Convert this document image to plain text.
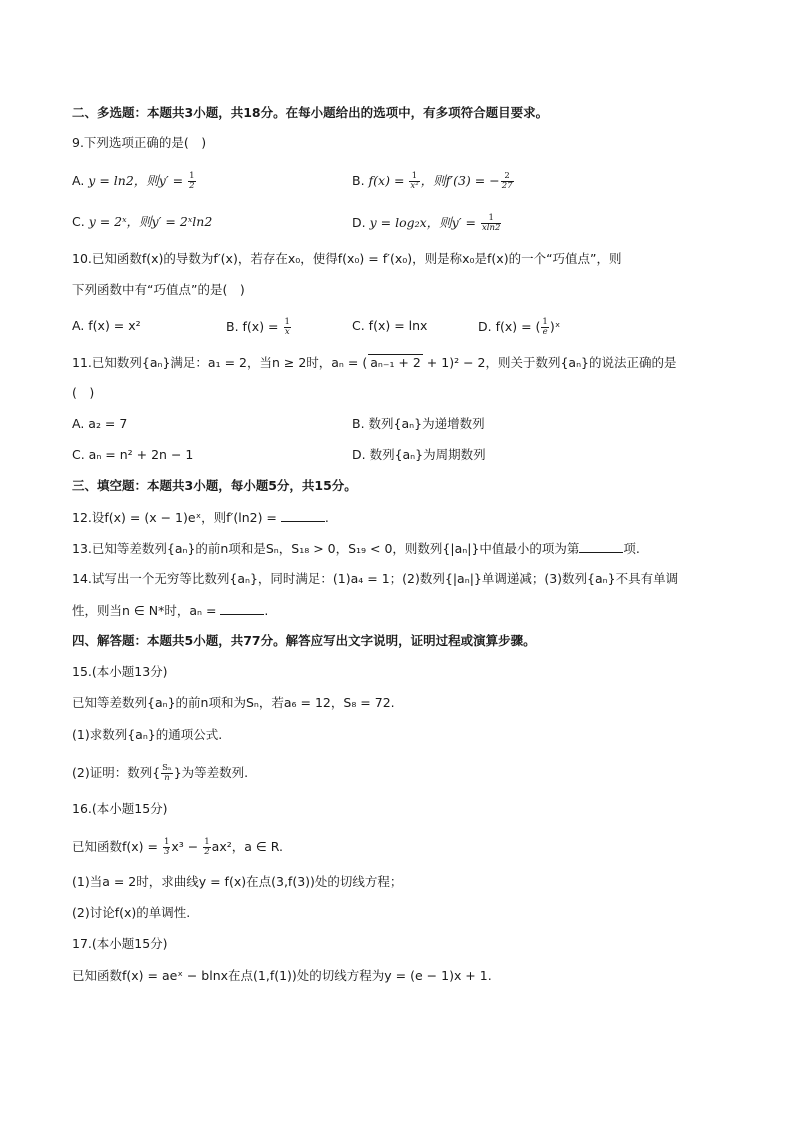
二、多选题：本题共3小题，共18分。在每小题给出的选项中，有多项符合题目要求。
9.下列选项正确的是( )
A. y = ln2，则$y' = \frac{1}{2}$	B. $f(x) = \frac{1}{\text{x²}}$ ，则f′(3) = − $\frac{2}{27}$
C. y = 2ˣ，则y′ = 2ˣln2	D. y = log₂x，则$y' = \frac{1}{xln2}$
10.已知函数f(x)的导数为f′(x)，若存在x₀，使得f(x₀) = f′(x₀)，则是称x₀是f(x)的一个“巧值点”，则
下列函数中有“巧值点”的是( )
A. f(x) = x²	B. $f(x) = \frac{1}{x}$	C. f(x) = lnx	D. f(x) = ( $\frac{1}{e}$ )ˣ
11.已知数列{aₙ}满足：a₁ = 2，当n ≥ 2时，aₙ = ( aₙ₋₁ + 2 + 1)² − 2，则关于数列{aₙ}的说法正确的是
( )
A. a₂ = 7	B. 数列{aₙ}为递增数列
C. aₙ = n² + 2n − 1	D. 数列{aₙ}为周期数列
三、填空题：本题共3小题，每小题5分，共15分。
12.设f(x) = (x − 1)eˣ，则f′(ln2) =	.
13.已知等差数列{aₙ}的前n项和是Sₙ，S₁₈ > 0，S₁₉ < 0，则数列{|aₙ|}中值最小的项为第	项.
14.试写出一个无穷等比数列{aₙ}，同时满足：(1)a₄ = 1；(2)数列{|aₙ|}单调递减；(3)数列{aₙ}不具有单调
性，则当n ∈ N*时，aₙ =	.
四、解答题：本题共5小题，共77分。解答应写出文字说明，证明过程或演算步骤。
15.(本小题13分)
已知等差数列{aₙ}的前n项和为Sₙ，若a₆ = 12，S₈ = 72.
(1)求数列{aₙ}的通项公式.
(2)证明：数列{ $\frac{\text{Sₙ}}{n}$ }为等差数列.
16.(本小题15分)
已知函数$f(x) = \frac{1}{3} x^3 - \frac{1}{2} ax^2$，a ∈ R.
(1)当a = 2时，求曲线y = f(x)在点(3,f(3))处的切线方程；
(2)讨论f(x)的单调性.
17.(本小题15分)
已知函数f(x) = aeˣ − blnx在点(1,f(1))处的切线方程为y = (e − 1)x + 1.
